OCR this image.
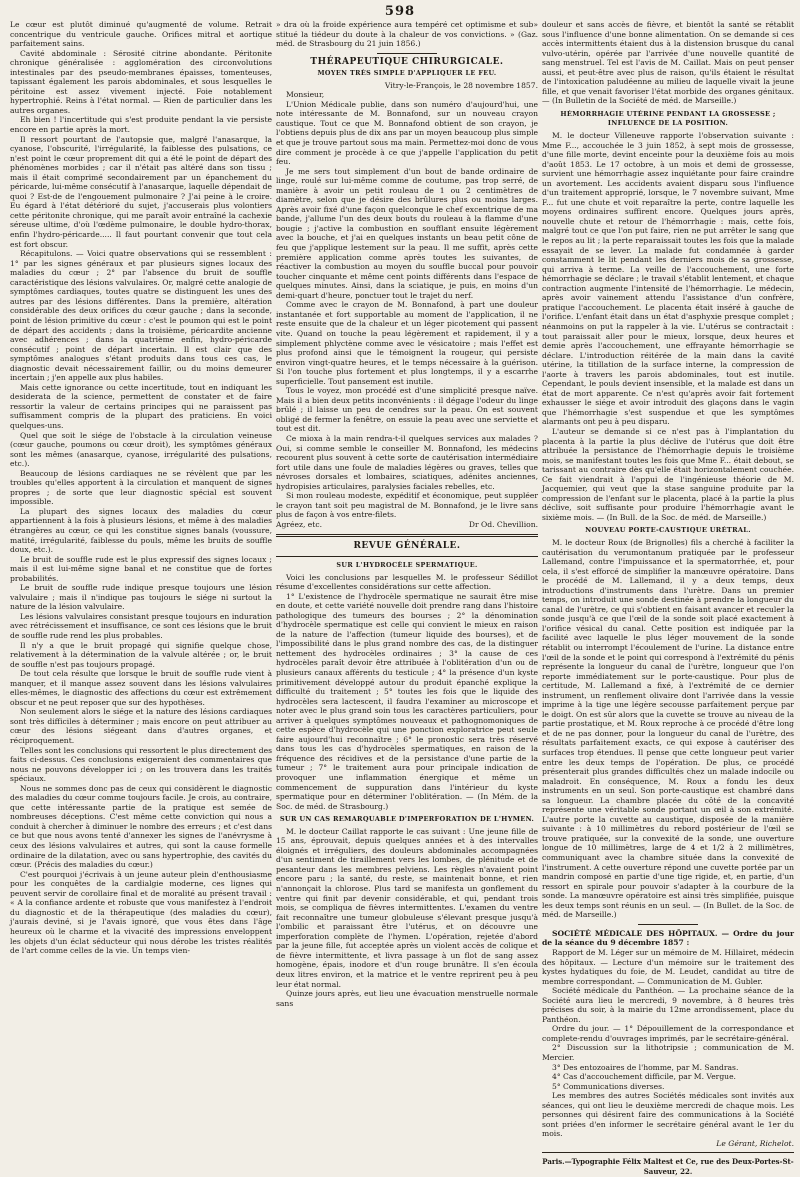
598

Le cœur est plutôt diminué qu'augmenté de volume. Retrait concentrique du ventricule gauche. Orifices mitral et aortique parfaitement sains.

Cavité abdominale : Sérosité citrine abondante. Péritonite chronique généralisée : agglomération des circonvolutions intestinales par des pseudo-membranes épaisses, tomenteuses, tapissant également les parois abdominales, et sous lesquelles le péritoine est assez vivement injecté. Foie notablement hypertrophié. Reins à l'état normal. — Rien de particulier dans les autres organes.

Eh bien ! l'incertitude qui s'est produite pendant la vie persiste encore en partie après la mort.

Il ressort pourtant de l'autopsie que, malgré l'anasarque, la cyanose, l'obscurité, l'irrégularité, la faiblesse des pulsations, ce n'est point le cœur proprement dit qui a été le point de départ des phénomènes morbides ; car il n'était pas altéré dans son tissu ; mais il était comprimé secondairement par un épanchement du péricarde, lui-même consécutif à l'anasarque, laquelle dépendait de quoi ? Est-de de l'engouement pulmonaire ? J'ai peine à le croire. Eu égard à l'état détérioré du sujet, j'accuserais plus volontiers cette péritonite chronique, qui me paraît avoir entraîné la cachexie séreuse ultime, d'où l'œdème pulmonaire, le double hydro-thorax, enfin l'hydro-péricarde..... Il faut pourtant convenir que tout cela est fort obscur.

Récapitulons. — Voici quatre observations qui se ressemblent : 1° par les signes généraux et par plusieurs signes locaux des maladies du cœur ; 2° par l'absence du bruit de souffle caractéristique des lésions valvulaires. Or, malgré cette analogie de symptômes cardiaques, toutes quatre se distinguent les unes des autres par des lésions différentes. Dans la première, altération considérable des deux orifices du cœur gauche ; dans la seconde, point de lésion primitive du cœur : c'est le poumon qui est le point de départ des accidents ; dans la troisième, péricardite ancienne avec adhérences ; dans la quatrième enfin, hydro-péricarde consécutif ; point de départ incertain. Il est clair que des symptômes analogues s'étant produits dans tous ces cas, le diagnostic devait nécessairement faillir, ou du moins demeurer incertain ; j'en appelle aux plus habiles.

Mais cette ignorance ou cette incertitude, tout en indiquant les desiderata de la science, permettent de constater et de faire ressortir la valeur de certains principes qui ne paraissent pas suffisamment compris de la plupart des praticiens. En voici quelques-uns.

Quel que soit le siége de l'obstacle à la circulation veineuse (cœur gauche, poumons ou cœur droit), les symptômes généraux sont les mêmes (anasarque, cyanose, irrégularité des pulsations, etc.).

Beaucoup de lésions cardiaques ne se révèlent que par les troubles qu'elles apportent à la circulation et manquent de signes propres ; de sorte que leur diagnostic spécial est souvent impossible.

La plupart des signes locaux des maladies du cœur appartiennent à la fois à plusieurs lésions, et même à des maladies étrangères au cœur, ce qui les constitue signes banals (voussure, matité, irrégularité, faiblesse du pouls, même les bruits de souffle doux, etc.).

Le bruit de souffle rude est le plus expressif des signes locaux ; mais il est lui-même signe banal et ne constitue que de fortes probabilités.

Le bruit de souffle rude indique presque toujours une lésion valvulaire ; mais il n'indique pas toujours le siége ni surtout la nature de la lésion valvulaire.

Les lésions valvulaires consistant presque toujours en induration avec rétrécissement et insuffisance, ce sont ces lésions que le bruit de souffle rude rend les plus probables.

Il n'y a que le bruit propagé qui signifie quelque chose, relativement à la détermination de la valvule altérée ; or, le bruit de souffle n'est pas toujours propagé.

De tout cela résulte que lorsque le bruit de souffle rude vient à manquer, et il manque assez souvent dans les lésions valvulaires elles-mêmes, le diagnostic des affections du cœur est extrêmement obscur et ne peut reposer que sur des hypothèses.

Non seulement alors le siége et la nature des lésions cardiaques sont très difficiles à déterminer ; mais encore on peut attribuer au cœur des lésions siégeant dans d'autres organes, et réciproquement.

Telles sont les conclusions qui ressortent le plus directement des faits ci-dessus. Ces conclusions exigeraient des commentaires que nous ne pouvons développer ici ; on les trouvera dans les traités spéciaux.

Nous ne sommes donc pas de ceux qui considèrent le diagnostic des maladies du cœur comme toujours facile. Je crois, au contraire, que cette intéressante partie de la pratique est semée de nombreuses déceptions. C'est même cette conviction qui nous a conduit à chercher à diminuer le nombre des erreurs ; et c'est dans ce but que nous avons tenté d'annexer les signes de l'anévrysme à ceux des lésions valvulaires et autres, qui sont la cause formelle ordinaire de la dilatation, avec ou sans hypertrophie, des cavités du cœur. (Précis des maladies du cœur.)

C'est pourquoi j'écrivais à un jeune auteur plein d'enthousiasme pour les conquêtes de la cardialgie moderne, ces lignes qui peuvent servir de corollaire final et de moralité au présent travail : « A la confiance ardente et robuste que vous manifestez à l'endroit du diagnostic et de la thérapeutique (des maladies du cœur), j'aurais deviné, si je l'avais ignoré, que vous êtes dans l'âge heureux où le charme et la vivacité des impressions enveloppent les objets d'un éclat séducteur qui nous dérobe les tristes réalités de l'art comme celles de la vie. Un temps vien-

» dra où la froide expérience aura tempéré cet optimisme et sub» stitué la tiédeur du doute à la chaleur de vos convictions. » (Gaz. méd. de Strasbourg du 21 juin 1856.)

THÉRAPEUTIQUE CHIRURGICALE.
MOYEN TRÈS SIMPLE D'APPLIQUER LE FEU.

Vitry-le-François, le 28 novembre 1857.

Monsieur,

L'Union Médicale publie, dans son numéro d'aujourd'hui, une note intéressante de M. Bonnafond, sur un nouveau crayon caustique. Tout ce que M. Bonnafond obtient de son crayon, je l'obtiens depuis plus de dix ans par un moyen beaucoup plus simple et que je trouve partout sous ma main. Permettez-moi donc de vous dire comment je procède à ce que j'appelle l'application du petit feu.

Je me sers tout simplement d'un bout de bande ordinaire de linge, roulé sur lui-même comme de coutume, pas trop serré, de manière à avoir un petit rouleau de 1 ou 2 centimètres de diamètre, selon que je désire des brûlures plus ou moins larges. Après avoir fixé d'une façon quelconque le chef excentrique de ma bande, j'allume l'un des deux bouts du rouleau à la flamme d'une bougie ; j'active la combustion en soufflant ensuite légèrement avec la bouche, et j'ai en quelques instants un beau petit cône de feu que j'applique lestement sur la peau. Il me suffit, après cette première application comme après toutes les suivantes, de réactiver la combustion au moyen du souffle buccal pour pouvoir toucher cinquante et même cent points différents dans l'espace de quelques minutes. Ainsi, dans la sciatique, je puis, en moins d'un demi-quart d'heure, ponctuer tout le trajet du nerf.

Comme avec le crayon de M. Bonnafond, à part une douleur instantanée et fort supportable au moment de l'application, il ne reste ensuite que de la chaleur et un léger picotement qui passent vite. Quand on touche la peau légèrement et rapidement, il y a simplement phlyctène comme avec le vésicatoire ; mais l'effet est plus profond ainsi que le témoignent la rougeur, qui persiste environ vingt-quatre heures, et le temps nécessaire à la guérison. Si l'on touche plus fortement et plus longtemps, il y a escarrhe superficielle. Tout pansement est inutile.

Tous le voyez, mon procédé est d'une simplicité presque naïve. Mais il a bien deux petits inconvénients : il dégage l'odeur du linge brûlé ; il laisse un peu de cendres sur la peau. On est souvent obligé de fermer la fenêtre, on essuie la peau avec une serviette et tout est dit.

Ce mioxa à la main rendra-t-il quelques services aux malades ? Oui, si comme semble le conseiller M. Bonnafond, les médecins recourent plus souvent à cette sorte de cautérisation intermédiaire fort utile dans une foule de maladies légères ou graves, telles que névroses dorsales et lombaires, sciatiques, adénites anciennes, hydropisies articulaires, paralysies faciales rebelles, etc.

Si mon rouleau modeste, expéditif et économique, peut suppléer le crayon tant soit peu magistral de M. Bonnafond, je le livre sans plus de façon à vos entre-filets.

Agréez, etc.	Dr Od. Chevillion.

REVUE GÉNÉRALE.
SUR L'HYDROCÈLE SPERMATIQUE.

Voici les conclusions par lesquelles M. le professeur Sédillot résume d'excellentes considérations sur cette affection.

1° L'existence de l'hydrocèle spermatique ne saurait être mise en doute, et cette variété nouvelle doit prendre rang dans l'histoire pathologique des tumeurs des bourses ; 2° la dénomination d'hydrocèle spermatique est celle qui convient le mieux en raison de la nature de l'affection (tumeur liquide des bourses), et de l'impossibilité dans le plus grand nombre des cas, de la distinguer nettement des hydrocèles ordinaires ; 3° la cause de ces hydrocèles paraît devoir être attribuée à l'oblitération d'un ou de plusieurs canaux afférents du testicule ; 4° la présence d'un kyste primitivement développé autour du produit épanché explique la difficulté du traitement ; 5° toutes les fois que le liquide des hydrocèles sera lactescent, il faudra l'examiner au microscope et noter avec le plus grand soin tous les caractères particuliers, pour arriver à quelques symptômes nouveaux et pathognomoniques de cette espèce d'hydrocèle qui une ponction exploratrice peut seule faire aujourd'hui reconnaître ; 6° le pronostic sera très réservé dans tous les cas d'hydrocèles spermatiques, en raison de la fréquence des récidives et de la persistance d'une partie de la tumeur ; 7° le traitement aura pour principale indication de provoquer une inflammation énergique et même un commencement de suppuration dans l'intérieur du kyste spermatique pour en déterminer l'oblitération. — (In Mém. de la Soc. de méd. de Strasbourg.)

SUR UN CAS REMARQUABLE D'IMPERFORATION DE L'HYMEN.

M. le docteur Caillat rapporte le cas suivant : Une jeune fille de 15 ans, éprouvait, depuis quelques années et à des intervalles éloignés et irréguliers, des douleurs abdominales accompagnées d'un sentiment de tiraillement vers les lombes, de plénitude et de pesanteur dans les membres pelviens. Les règles n'avaient point encore paru ; la santé, du reste, se maintenait bonne, et rien n'annonçait la chlorose. Plus tard se manifesta un gonflement du ventre qui finit par devenir considérable, et qui, pendant trois mois, se compliqua de fièvres intermittentes. L'examen du ventre fait reconnaître une tumeur globuleuse s'élevant presque jusqu'à l'ombilic et paraissant être l'utérus, et on découvre une imperforation complète de l'hymen. L'opération, rejetée d'abord par la jeune fille, fut acceptée après un violent accès de colique et de fièvre intermittente, et livra passage à un flot de sang assez homogène, épais, inodore et d'un rouge brunâtre. Il s'en écoula deux litres environ, et la matrice et le ventre reprirent peu à peu leur état normal.

Quinze jours après, eut lieu une évacuation menstruelle normale sans

douleur et sans accès de fièvre, et bientôt la santé se rétablit sous l'influence d'une bonne alimentation. On se demande si ces accès intermittents étaient dus à la distension brusque du canal vulvo-utérin, opérée par l'arrivée d'une nouvelle quantité de sang menstruel. Tel est l'avis de M. Caillat. Mais on peut penser aussi, et peut-être avec plus de raison, qu'ils étaient le résultat de l'intoxication paludéenne au milieu de laquelle vivait la jeune fille, et que venait favoriser l'état morbide des organes génitaux. — (In Bulletin de la Société de méd. de Marseille.)

HÉMORRHAGIE UTÉRINE PENDANT LA GROSSESSE ; INFLUENCE DE LA POSITION.

M. le docteur Villeneuve rapporte l'observation suivante : Mme F..., accouchée le 3 juin 1852, à sept mois de grossesse, d'une fille morte, devint enceinte pour la deuxième fois au mois d'août 1853. Le 17 octobre, à un mois et demi de grossesse, survient une hémorrhagie assez inquiétante pour faire craindre un avortement. Les accidents avaient disparu sous l'influence d'un traitement approprié, lorsque, le 7 novembre suivant, Mme F... fut une chute et voit reparaître la perte, contre laquelle les moyens ordinaires suffirent encore. Quelques jours après, nouvelle chute et retour de l'hémorrhagie : mais, cette fois, malgré tout ce que l'on put faire, rien ne put arrêter le sang que le repos au lit ; la perte reparaissait toutes les fois que la malade essayait de se lever. La malade fut condamnée à garder constamment le lit pendant les derniers mois de sa grossesse, qui arriva à terme. La veille de l'accouchement, une forte hémorrhagie se déclare ; le travail s'établit lentement, et chaque contraction augmente l'intensité de l'hémorrhagie. Le médecin, après avoir vainement attendu l'assistance d'un confrère, pratique l'accouchement. Le placenta était inséré à gauche de l'orifice. L'enfant était dans un état d'asphyxie presque complet ; néanmoins on put la rappeler à la vie. L'utérus se contractait : tout paraissait aller pour le mieux, lorsque, deux heures et demie après l'accouchement, une effrayante hémorrhagie se déclare. L'introduction réitérée de la main dans la cavité utérine, la titillation de la surface interne, la compression de l'aorte à travers les parois abdominales, tout est inutile. Cependant, le pouls devient insensible, et la malade est dans un état de mort apparente. Ce n'est qu'après avoir fait fortement exhausser le siége et avoir introduit des glaçons dans le vagin que l'hémorrhagie s'est suspendue et que les symptômes alarmants ont peu à peu disparu.

L'auteur se demande si ce n'est pas à l'implantation du placenta à la partie la plus déclive de l'utérus que doit être attribuée la persistance de l'hémorrhagie depuis le troisième mois, se manifestant toutes les fois que Mme F... était debout, se tarissant au contraire dès qu'elle était horizontalement couchée. Ce fait viendrait à l'appui de l'ingénieuse théorie de M. Jacquemier, qui veut que la stase sanguine produite par la compression de l'enfant sur le placenta, placé à la partie la plus déclive, soit suffisante pour produire l'hémorrhagie avant le sixième mois. — (In Bull. de la Soc. de méd. de Marseille.)

NOUVEAU PORTE-CAUSTIQUE URÉTRAL.

M. le docteur Roux (de Brignolles) fils a cherché à faciliter la cautérisation du verumontanum pratiquée par le professeur Lallemand, contre l'impuissance et la spermatorrhée, et, pour cela, il s'est efforcé de simplifier la manœuvre opératoire. Dans le procédé de M. Lallemand, il y a deux temps, deux introductions d'instruments dans l'urètre. Dans un premier temps, on introduit une sonde destinée à prendre la longueur du canal de l'urètre, ce qui s'obtient en faisant avancer et reculer la sonde jusqu'à ce que l'œil de la sonde soit placé exactement à l'orifice vésical du canal. Cette position est indiquée par la facilité avec laquelle le plus léger mouvement de la sonde rétablit ou interrompt l'écoulement de l'urine. La distance entre l'œil de la sonde et le point qui correspond à l'extrémité du pénis représente la longueur du canal de l'urètre, longueur que l'on reporte immédiatement sur le porte-caustique. Pour plus de certitude, M. Lallemand a fixé, à l'extrémité de ce dernier instrument, un renflement olivaire dont l'arrivée dans la vessie imprime à la tige une légère secousse parfaitement perçue par le doigt. On est sûr alors que la cuvette se trouve au niveau de la partie prostatique, et M. Roux reproche à ce procédé d'être long et de ne pas donner, pour la longueur du canal de l'urètre, des résultats parfaitement exacts, ce qui expose à cautériser des surfaces trop étendues. Il pense que cette longueur peut varier entre les deux temps de l'opération. De plus, ce procédé présenterait plus grandes difficultés chez un malade indocile ou maladroit. En conséquence, M. Roux a fondu les deux instruments en un seul. Son porte-caustique est chambré dans sa longueur. La chambre placée du côté de la concavité représente une véritable sonde portant un œil à son extrémité. L'autre porte la cuvette au caustique, disposée de la manière suivante : à 10 millimètres du rebord postérieur de l'œil se trouve pratiquée, sur la convexité de la sonde, une ouverture longue de 10 millimètres, large de 4 et 1/2 à 2 millimètres, communiquant avec la chambre située dans la convexité de l'instrument. A cette ouverture répond une cuvette portée par un mandrin composé en partie d'une tige rigide, et, en partie, d'un ressort en spirale pour pouvoir s'adapter à la courbure de la sonde. La manœuvre opératoire est ainsi très simplifiée, puisque les deux temps sont réunis en un seul. — (In Bullet. de la Soc. de méd. de Marseille.)

SOCIÉTÉ MÉDICALE DES HÔPITAUX. — Ordre du jour de la séance du 9 décembre 1857 :

Rapport de M. Léger sur un mémoire de M. Hillairet, médecin des hôpitaux. — Lecture d'un mémoire sur le traitement des kystes hydatiques du foie, de M. Leudet, candidat au titre de membre correspondant. — Communication de M. Gubler.

Société médicale du Panthéon. — La prochaine séance de la Société aura lieu le mercredi, 9 novembre, à 8 heures très précises du soir, à la mairie du 12me arrondissement, place du Panthéon.

Ordre du jour. — 1° Dépouillement de la correspondance et complete-rendu d'ouvrages imprimés, par le secrétaire-général.

2° Discussion sur la lithotripsie ; communication de M. Mercier.

3° Des entozoaires de l'homme, par M. Sandras.

4° Cas d'accouchement difficile, par M. Vergue.

5° Communications diverses.

Les membres des autres Sociétés médicales sont invités aux séances, qui ont lieu le deuxième mercredi de chaque mois. Les personnes qui désirent faire des communications à la Société sont priées d'en informer le secrétaire général avant le 1er du mois.

Le Gérant, Richelot.

Paris.—Typographie Félix Maltest et Ce, rue des Deux-Portes-St-Sauveur, 22.
